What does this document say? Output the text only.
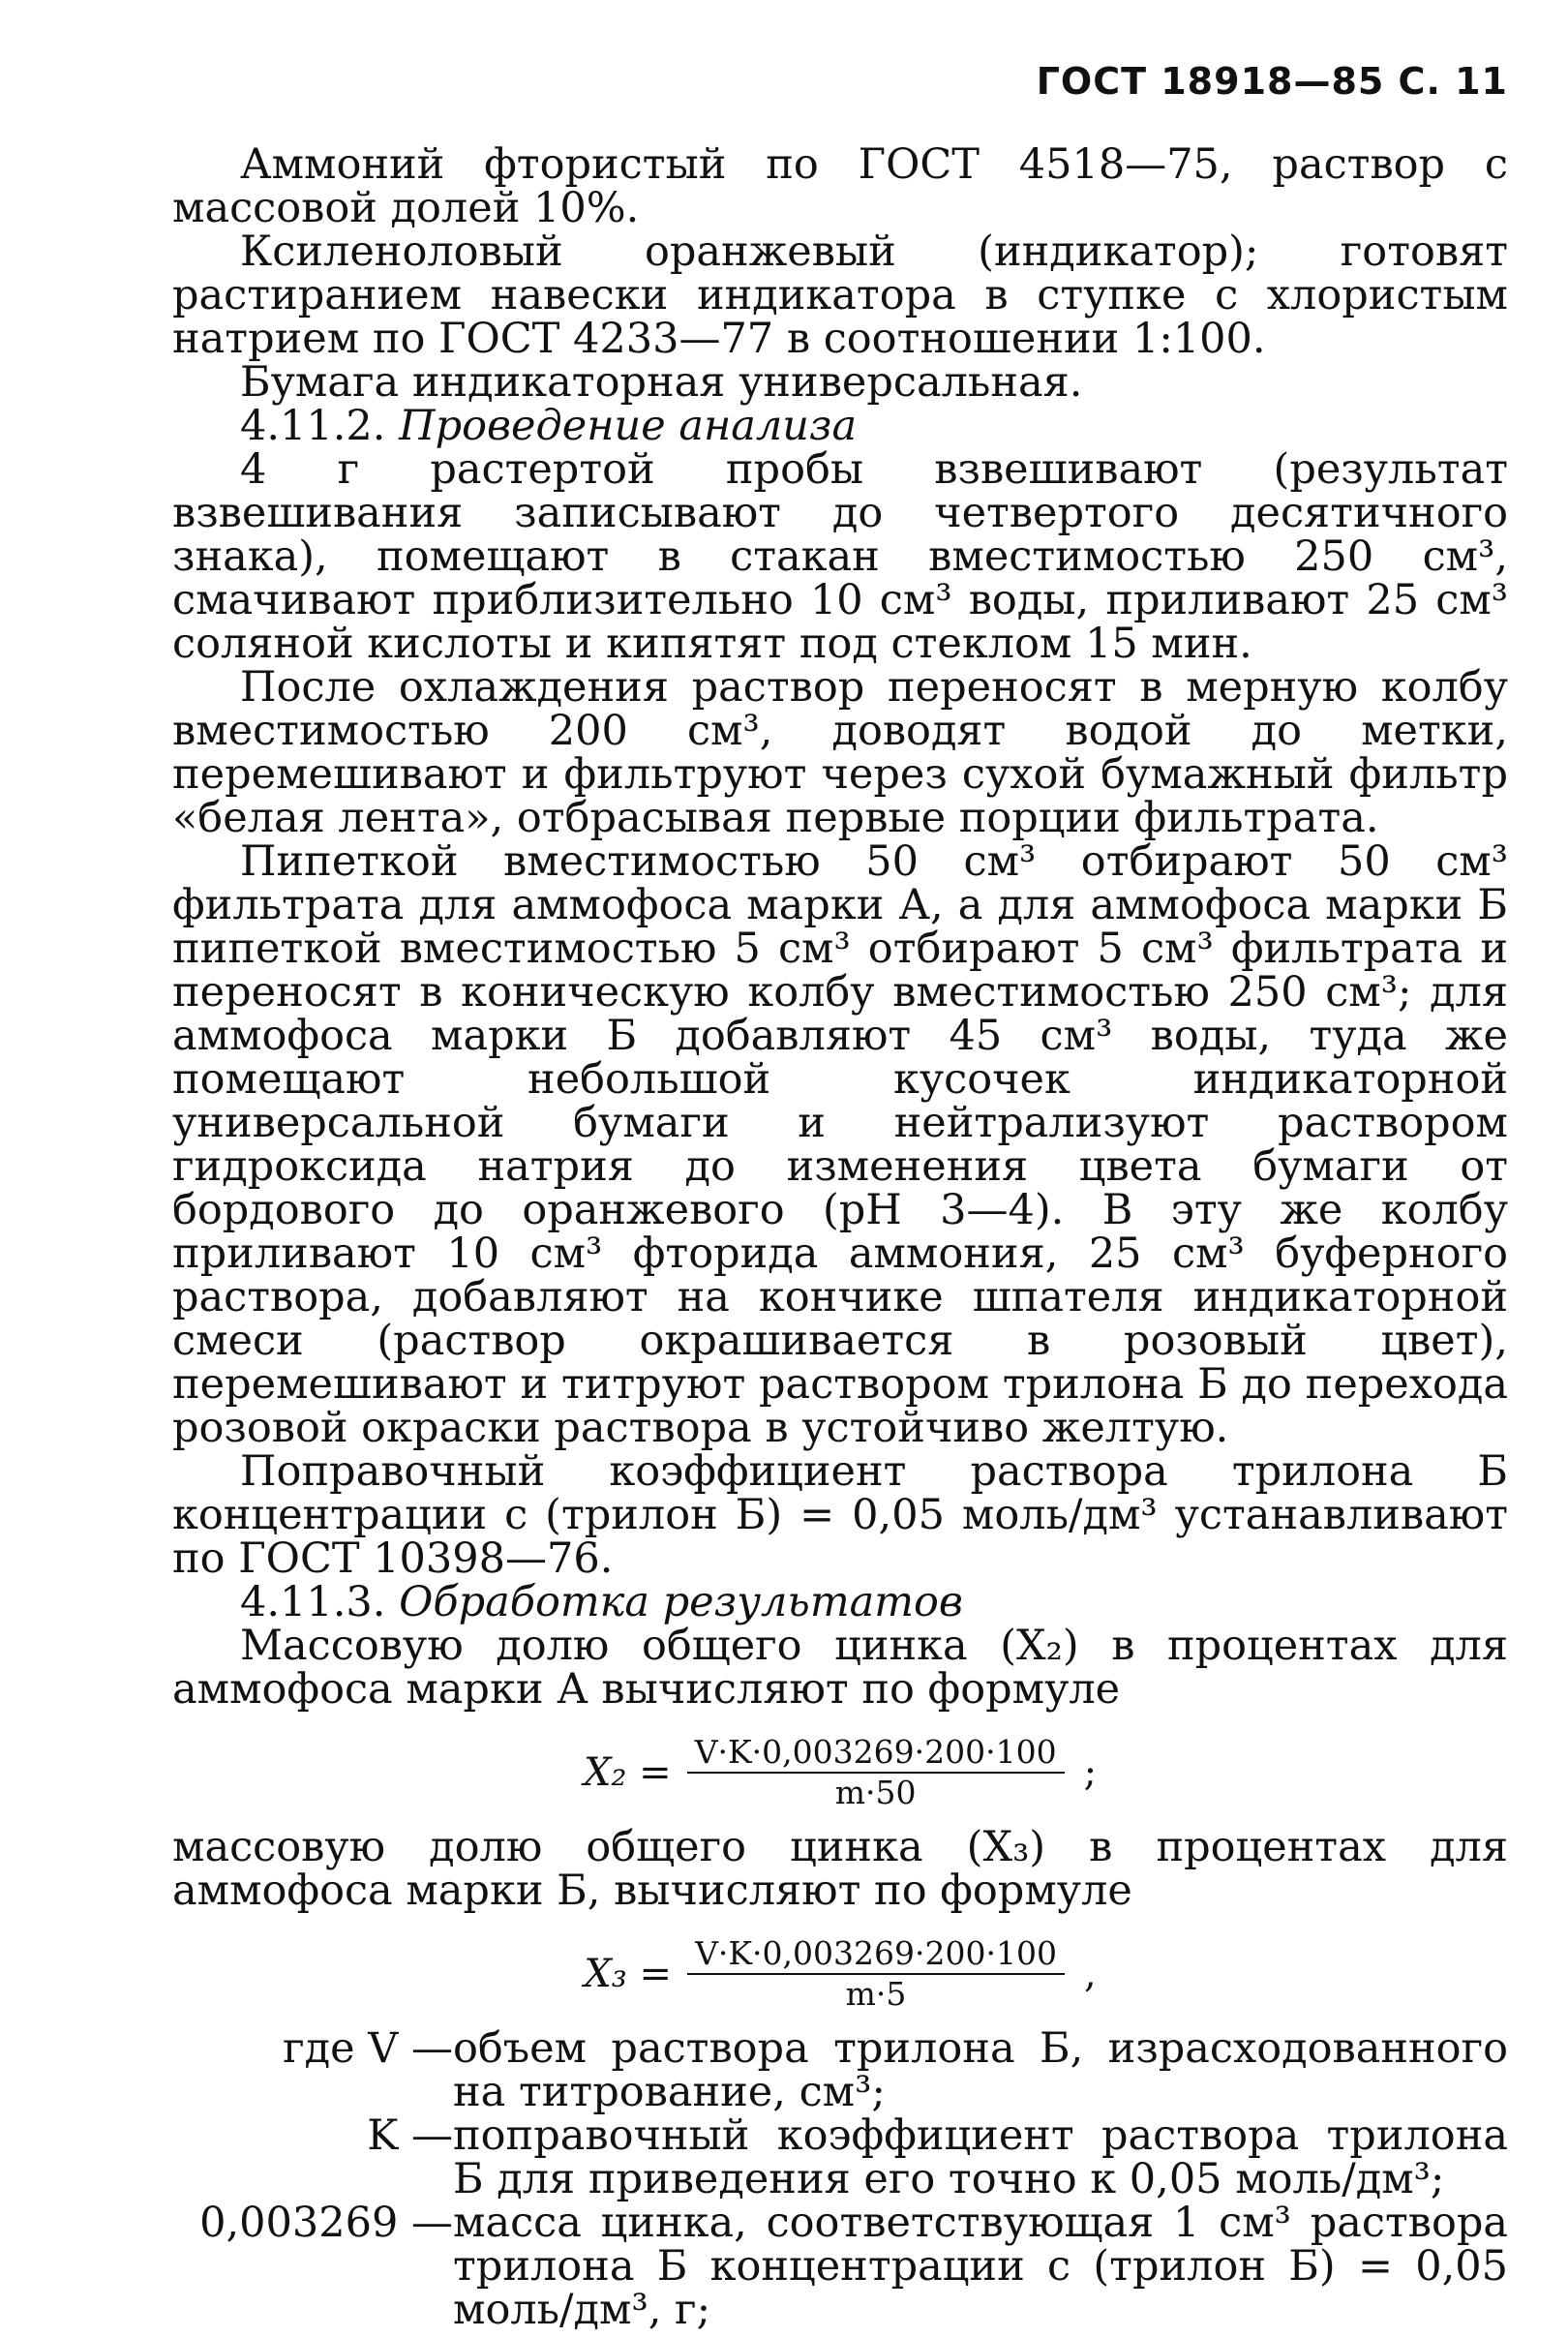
ГОСТ 18918—85 С. 11

Аммоний фтористый по ГОСТ 4518—75, раствор с массовой долей 10%.

Ксиленоловый оранжевый (индикатор); готовят растиранием навески индикатора в ступке с хлористым натрием по ГОСТ 4233—77 в соотношении 1:100.

Бумага индикаторная универсальная.

4.11.2. Проведение анализа

4 г растертой пробы взвешивают (результат взвешивания записывают до четвертого десятичного знака), помещают в стакан вместимостью 250 см³, смачивают приблизительно 10 см³ воды, приливают 25 см³ соляной кислоты и кипятят под стеклом 15 мин.

После охлаждения раствор переносят в мерную колбу вместимостью 200 см³, доводят водой до метки, перемешивают и фильтруют через сухой бумажный фильтр «белая лента», отбрасывая первые порции фильтрата.

Пипеткой вместимостью 50 см³ отбирают 50 см³ фильтрата для аммофоса марки А, а для аммофоса марки Б пипеткой вместимостью 5 см³ отбирают 5 см³ фильтрата и переносят в коническую колбу вместимостью 250 см³; для аммофоса марки Б добавляют 45 см³ воды, туда же помещают небольшой кусочек индикаторной универсальной бумаги и нейтрализуют раствором гидроксида натрия до изменения цвета бумаги от бордового до оранжевого (pH 3—4). В эту же колбу приливают 10 см³ фторида аммония, 25 см³ буферного раствора, добавляют на кончике шпателя индикаторной смеси (раствор окрашивается в розовый цвет), перемешивают и титруют раствором трилона Б до перехода розовой окраски раствора в устойчиво желтую.

Поправочный коэффициент раствора трилона Б концентрации c (трилон Б) = 0,05 моль/дм³ устанавливают по ГОСТ 10398—76.

4.11.3. Обработка результатов

Массовую долю общего цинка (X₂) в процентах для аммофоса марки А вычисляют по формуле

$X_2 = \frac{V\cdot K\cdot 0,003269\cdot 200\cdot 100}{m\cdot 50}$ ;

массовую долю общего цинка (X₃) в процентах для аммофоса марки Б, вычисляют по формуле

$X_3 = \frac{V\cdot K\cdot 0,003269\cdot 200\cdot 100}{m\cdot 5}$ ,
где V —	объем раствора трилона Б, израсходованного на титрование, см³;
K —	поправочный коэффициент раствора трилона Б для приведения его точно к 0,05 моль/дм³;
0,003269 —	масса цинка, соответствующая 1 см³ раствора трилона Б концентрации c (трилон Б) = 0,05 моль/дм³, г;
